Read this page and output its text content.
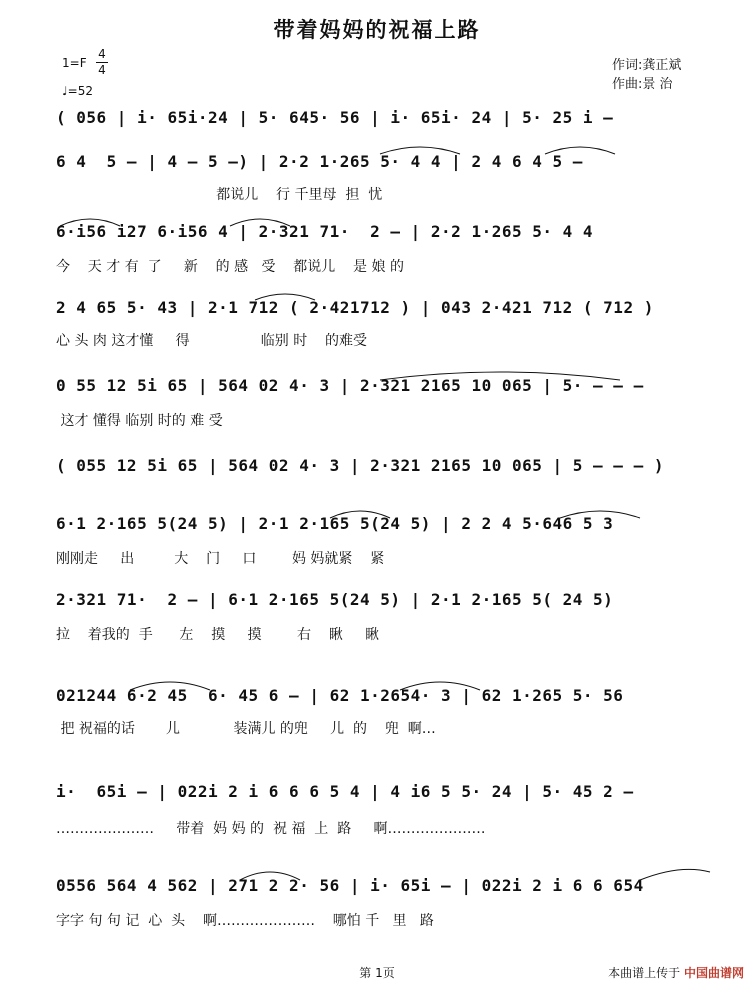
带着妈妈的祝福上路
1=F
4
4
♩=52
作词:龚正斌
作曲:景 治
( 056 | i· 65i·24 | 5· 645· 56 | i· 65i· 24 | 5· 25 i –
6 4  5 – | 4 – 5 –) | 2·2 1·265 5· 4 4 | 2 4 6 4 5 –
都说儿    行 千里母  担  忧
6·i56 i27 6·i56 4 | 2·321 71·  2 – | 2·2 1·265 5· 4 4
今    天 才 有  了     新    的 感   受    都说儿    是 娘 的
2 4 65 5· 43 | 2·1 712 ( 2·421712 ) | 043 2·421 712 ( 712 )
心 头 肉 这才懂     得                临别 时    的难受
0 55 12 5i 65 | 564 02 4· 3 | 2·321 2165 10 065 | 5· – – –
这才 懂得 临别 时的 难 受
( 055 12 5i 65 | 564 02 4· 3 | 2·321 2165 10 065 | 5 – – – )
6·1 2·165 5(24 5) | 2·1 2·165 5(24 5) | 2 2 4 5·646 5 3
刚刚走     出         大    门     口        妈 妈就紧    紧
2·321 71·  2 – | 6·1 2·165 5(24 5) | 2·1 2·165 5( 24 5)
拉    着我的  手      左    摸     摸        右    瞅     瞅
021244 6·2 45  6· 45 6 – | 62 1·2654· 3 | 62 1·265 5· 56
把 祝福的话       儿            装满儿 的兜     儿  的    兜  啊…
i·  65i – | 022i 2 i 6 6 6 5 4 | 4 i6 5 5· 24 | 5· 45 2 –
…………………     带着  妈 妈 的  祝 福  上  路     啊…………………
0556 564 4 562 | 271 2 2· 56 | i· 65i – | 022i 2 i 6 6 654
字字 句 句 记  心  头    啊…………………    哪怕 千   里   路
第 1页	本曲谱上传于 中国曲谱网
